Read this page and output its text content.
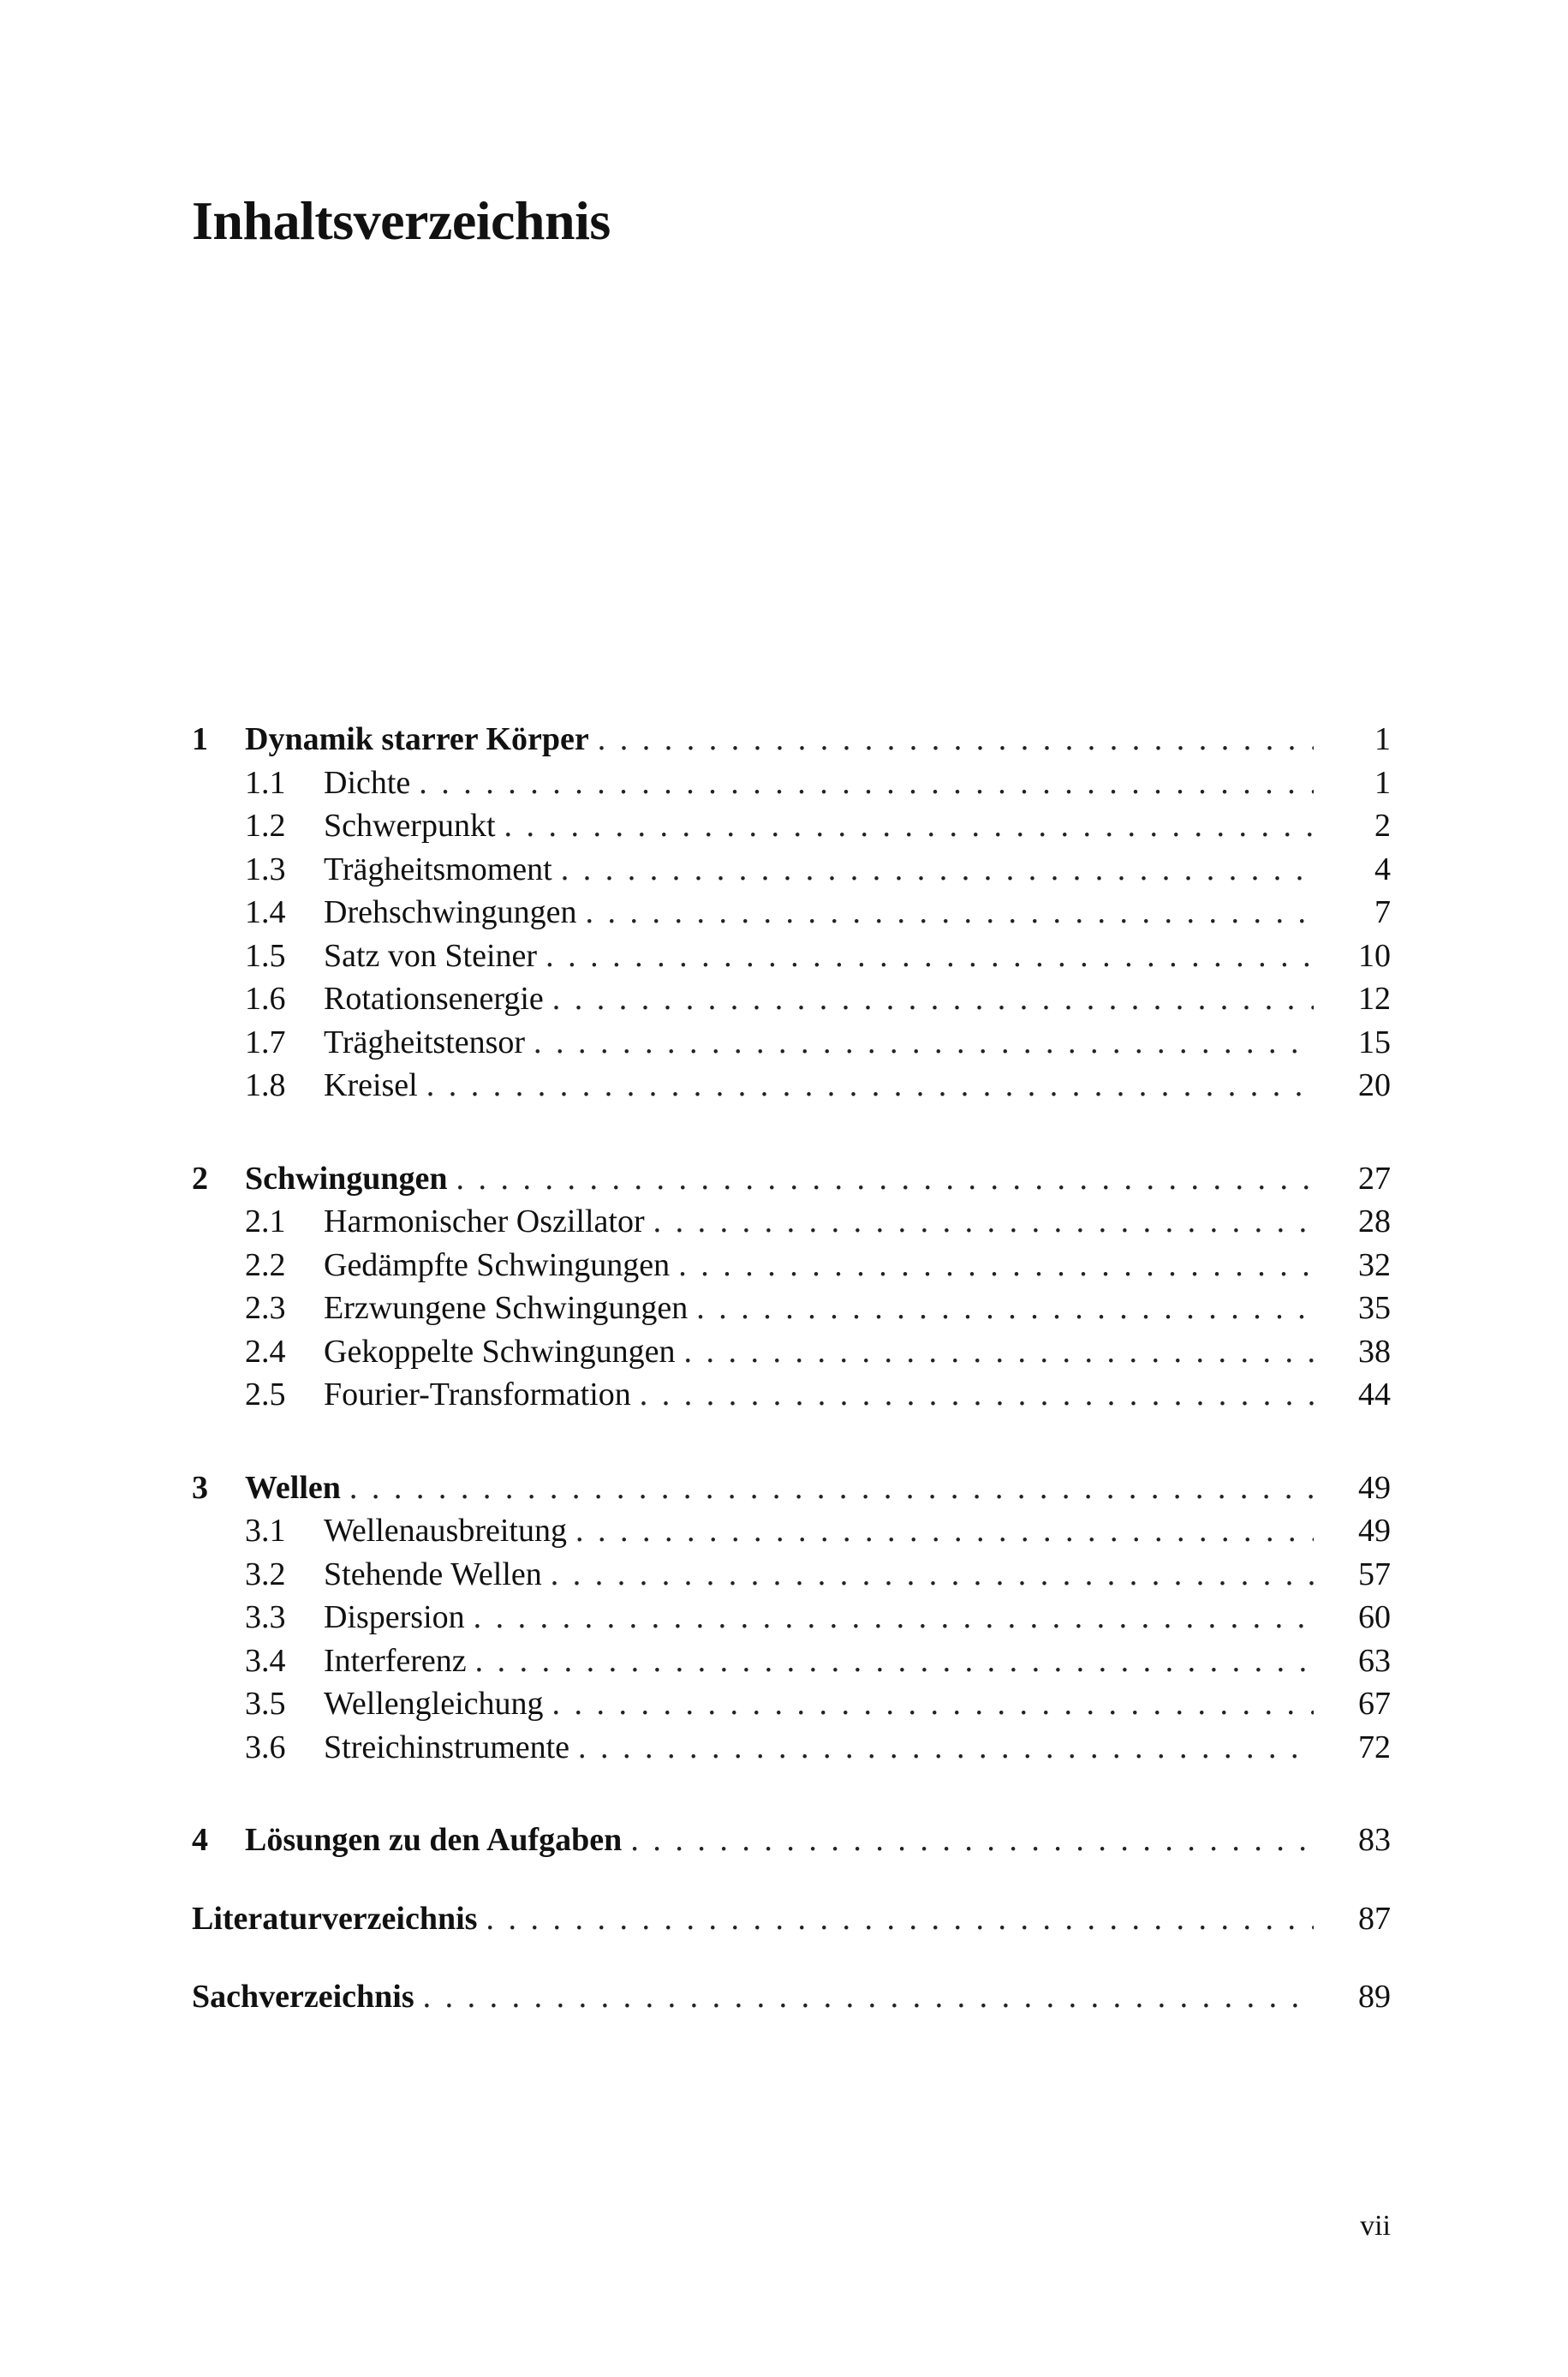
Inhaltsverzeichnis
1	Dynamik starrer Körper . . .	1
1.1 Dichte . . .	1
1.2 Schwerpunkt . . .	2
1.3 Trägheitsmoment . . .	4
1.4 Drehschwingungen . . .	7
1.5 Satz von Steiner . . .	10
1.6 Rotationsenergie . . .	12
1.7 Trägheitstensor . . .	15
1.8 Kreisel . . .	20
2	Schwingungen . . .	27
2.1 Harmonischer Oszillator . . .	28
2.2 Gedämpfte Schwingungen . . .	32
2.3 Erzwungene Schwingungen . . .	35
2.4 Gekoppelte Schwingungen . . .	38
2.5 Fourier-Transformation . . .	44
3	Wellen . . .	49
3.1 Wellenausbreitung . . .	49
3.2 Stehende Wellen . . .	57
3.3 Dispersion . . .	60
3.4 Interferenz . . .	63
3.5 Wellengleichung . . .	67
3.6 Streichinstrumente . . .	72
4	Lösungen zu den Aufgaben . . .	83
Literaturverzeichnis . . .	87
Sachverzeichnis . . .	89
vii
